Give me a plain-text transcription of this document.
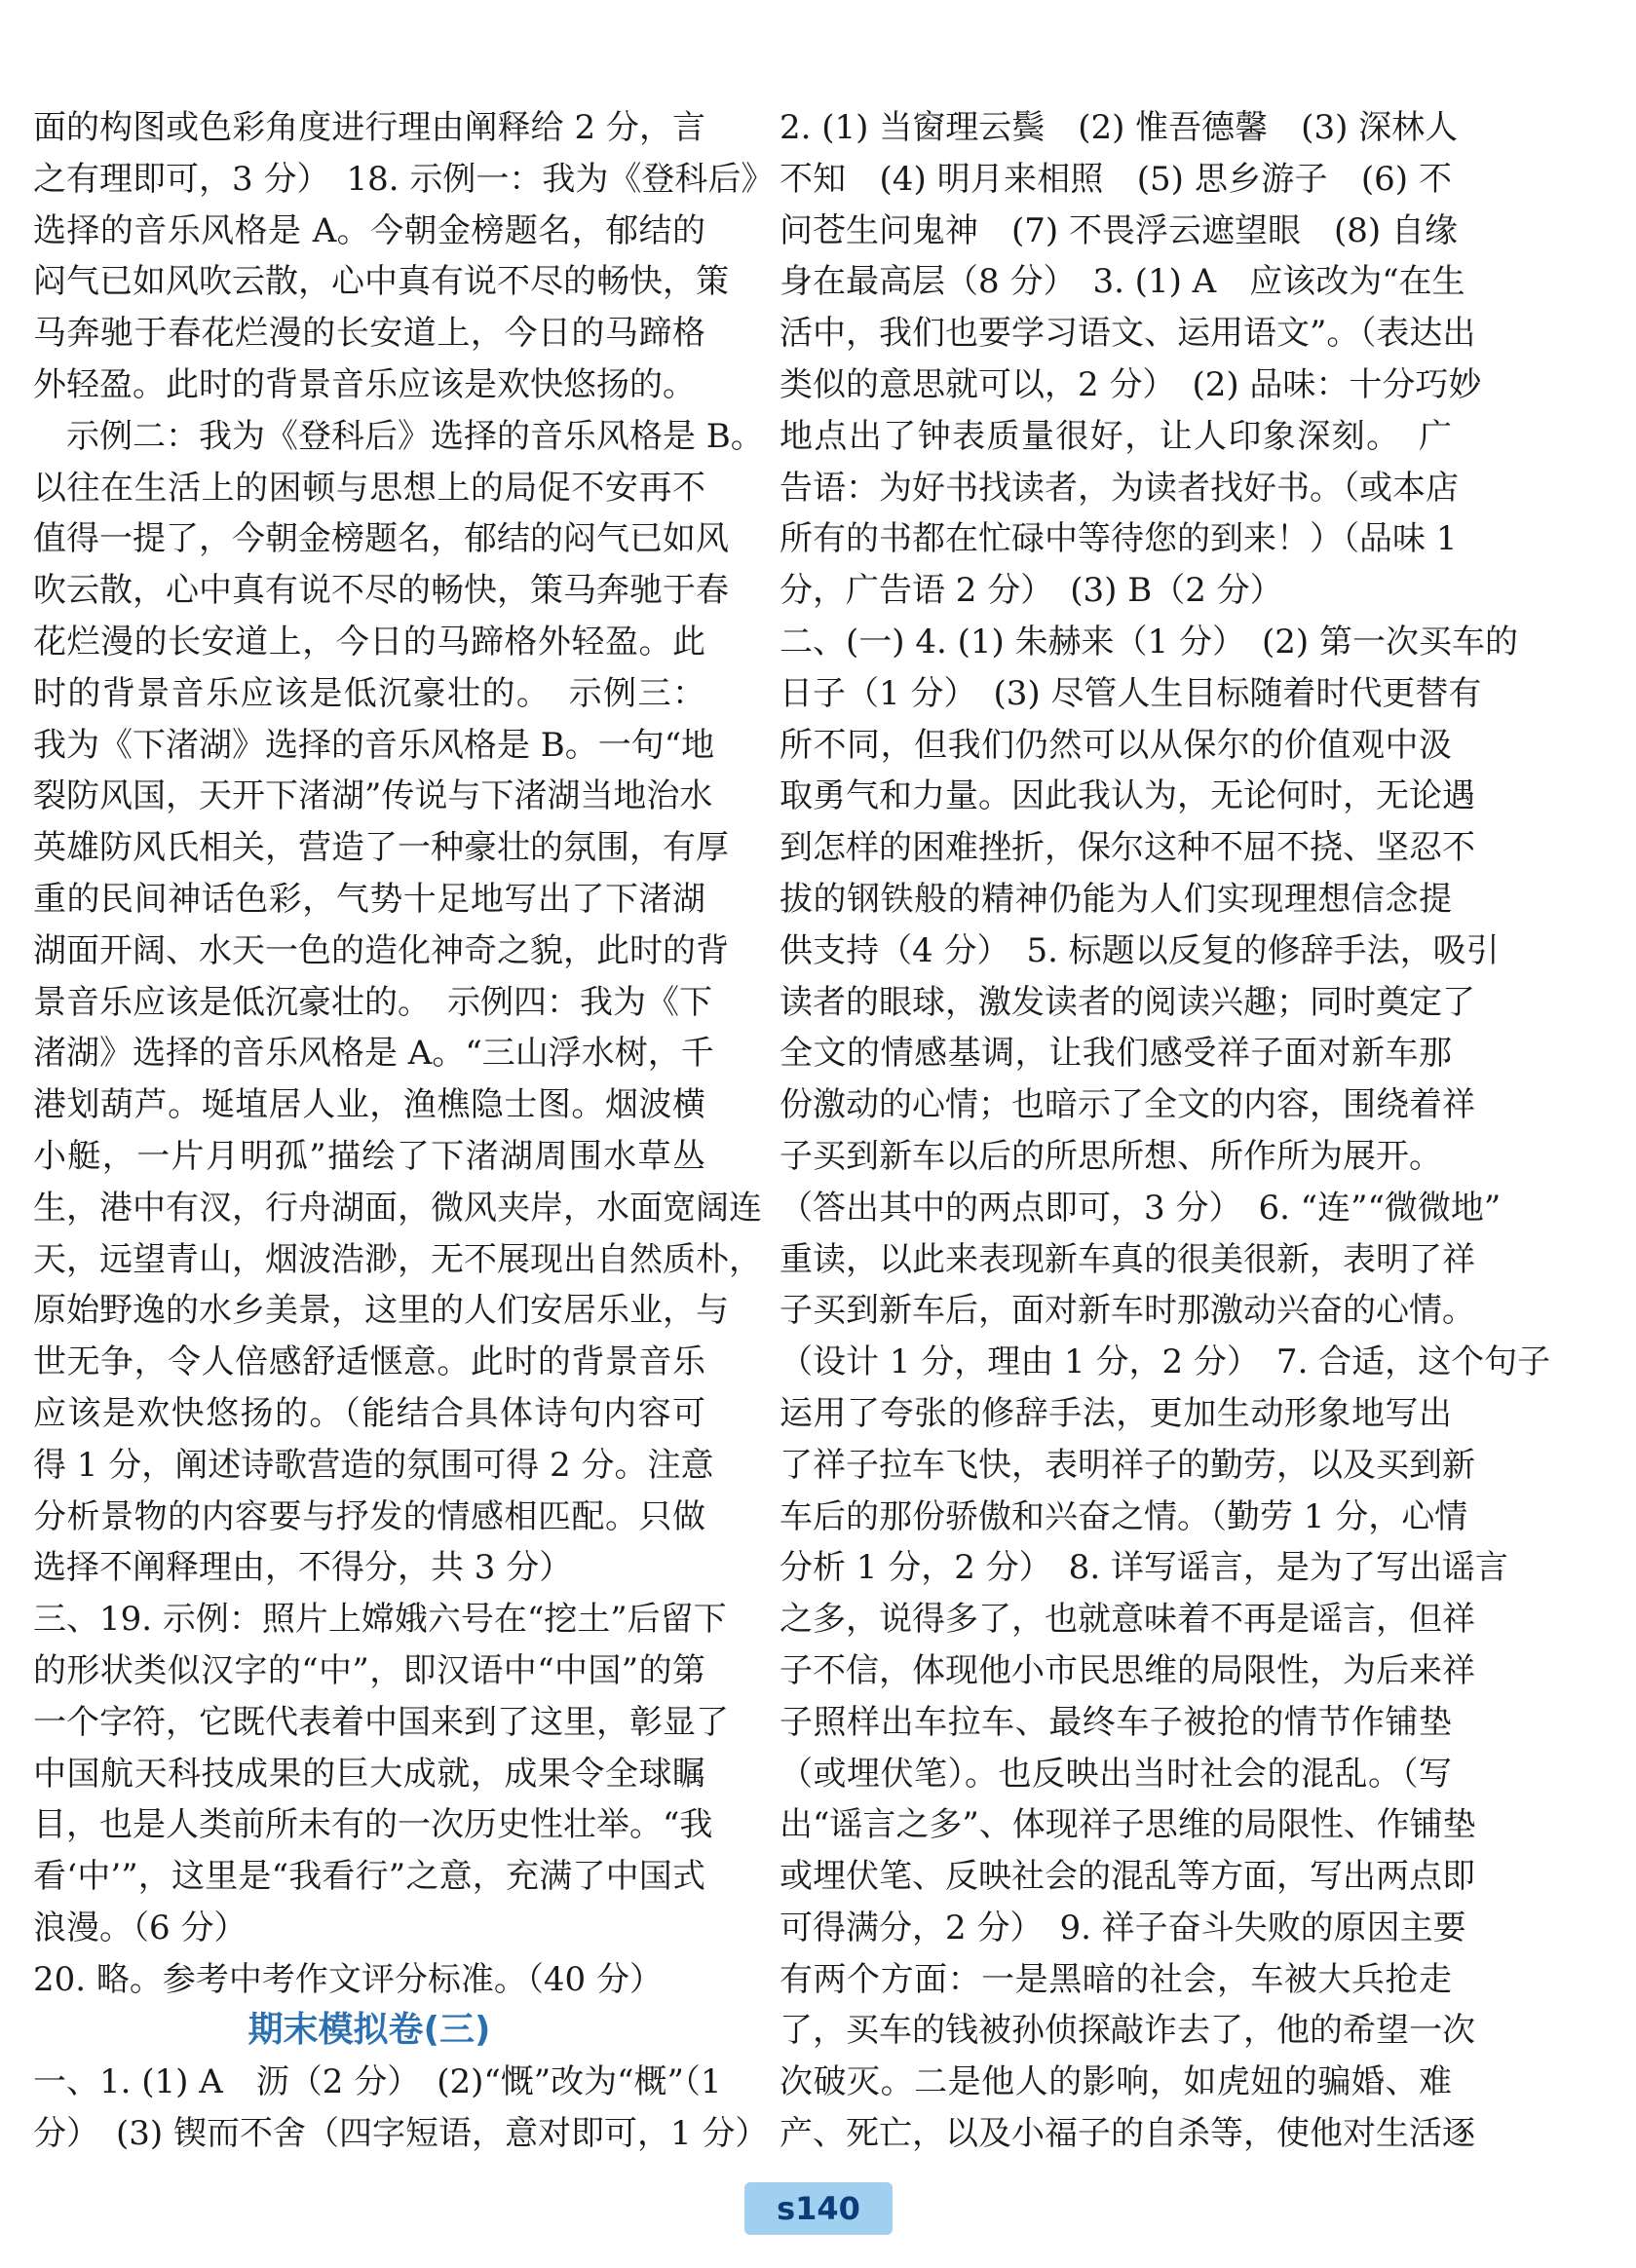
面的构图或色彩角度进行理由阐释给 2 分，言
之有理即可，3 分）　18. 示例一：我为《登科后》
选择的音乐风格是 A。今朝金榜题名，郁结的
闷气已如风吹云散，心中真有说不尽的畅快，策
马奔驰于春花烂漫的长安道上，今日的马蹄格
外轻盈。此时的背景音乐应该是欢快悠扬的。
示例二：我为《登科后》选择的音乐风格是 B。
以往在生活上的困顿与思想上的局促不安再不
值得一提了，今朝金榜题名，郁结的闷气已如风
吹云散，心中真有说不尽的畅快，策马奔驰于春
花烂漫的长安道上，今日的马蹄格外轻盈。此
时的背景音乐应该是低沉豪壮的。　示例三：
我为《下渚湖》选择的音乐风格是 B。一句“地
裂防风国，天开下渚湖”传说与下渚湖当地治水
英雄防风氏相关，营造了一种豪壮的氛围，有厚
重的民间神话色彩，气势十足地写出了下渚湖
湖面开阔、水天一色的造化神奇之貌，此时的背
景音乐应该是低沉豪壮的。　示例四：我为《下
渚湖》选择的音乐风格是 A。“三山浮水树，千
港划葫芦。埏埴居人业，渔樵隐士图。烟波横
小艇，一片月明孤”描绘了下渚湖周围水草丛
生，港中有汊，行舟湖面，微风夹岸，水面宽阔连
天，远望青山，烟波浩渺，无不展现出自然质朴，
原始野逸的水乡美景，这里的人们安居乐业，与
世无争，令人倍感舒适惬意。此时的背景音乐
应该是欢快悠扬的。（能结合具体诗句内容可
得 1 分，阐述诗歌营造的氛围可得 2 分。注意
分析景物的内容要与抒发的情感相匹配。只做
选择不阐释理由，不得分，共 3 分）
三、19. 示例：照片上嫦娥六号在“挖土”后留下
的形状类似汉字的“中”，即汉语中“中国”的第
一个字符，它既代表着中国来到了这里，彰显了
中国航天科技成果的巨大成就，成果令全球瞩
目，也是人类前所未有的一次历史性壮举。“我
看‘中’”，这里是“我看行”之意，充满了中国式
浪漫。（6 分）
20. 略。参考中考作文评分标准。（40 分）
期末模拟卷(三)
一、1. (1) A　沥（2 分）　(2)“慨”改为“概”（1
分）　(3) 锲而不舍（四字短语，意对即可，1 分）
2. (1) 当窗理云鬓　(2) 惟吾德馨　(3) 深林人
不知　(4) 明月来相照　(5) 思乡游子　(6) 不
问苍生问鬼神　(7) 不畏浮云遮望眼　(8) 自缘
身在最高层（8 分）　3. (1) A　应该改为“在生
活中，我们也要学习语文、运用语文”。（表达出
类似的意思就可以，2 分）　(2) 品味：十分巧妙
地点出了钟表质量很好，让人印象深刻。　广
告语：为好书找读者，为读者找好书。（或本店
所有的书都在忙碌中等待您的到来！）（品味 1
分，广告语 2 分）　(3) B（2 分）
二、(一) 4. (1) 朱赫来（1 分）　(2) 第一次买车的
日子（1 分）　(3) 尽管人生目标随着时代更替有
所不同，但我们仍然可以从保尔的价值观中汲
取勇气和力量。因此我认为，无论何时，无论遇
到怎样的困难挫折，保尔这种不屈不挠、坚忍不
拔的钢铁般的精神仍能为人们实现理想信念提
供支持（4 分）　5. 标题以反复的修辞手法，吸引
读者的眼球，激发读者的阅读兴趣；同时奠定了
全文的情感基调，让我们感受祥子面对新车那
份激动的心情；也暗示了全文的内容，围绕着祥
子买到新车以后的所思所想、所作所为展开。
（答出其中的两点即可，3 分）　6. “连”“微微地”
重读，以此来表现新车真的很美很新，表明了祥
子买到新车后，面对新车时那激动兴奋的心情。
（设计 1 分，理由 1 分，2 分）　7. 合适，这个句子
运用了夸张的修辞手法，更加生动形象地写出
了祥子拉车飞快，表明祥子的勤劳，以及买到新
车后的那份骄傲和兴奋之情。（勤劳 1 分，心情
分析 1 分，2 分）　8. 详写谣言，是为了写出谣言
之多，说得多了，也就意味着不再是谣言，但祥
子不信，体现他小市民思维的局限性，为后来祥
子照样出车拉车、最终车子被抢的情节作铺垫
（或埋伏笔）。也反映出当时社会的混乱。（写
出“谣言之多”、体现祥子思维的局限性、作铺垫
或埋伏笔、反映社会的混乱等方面，写出两点即
可得满分，2 分）　9. 祥子奋斗失败的原因主要
有两个方面：一是黑暗的社会，车被大兵抢走
了，买车的钱被孙侦探敲诈去了，他的希望一次
次破灭。二是他人的影响，如虎妞的骗婚、难
产、死亡，以及小福子的自杀等，使他对生活逐
s140
